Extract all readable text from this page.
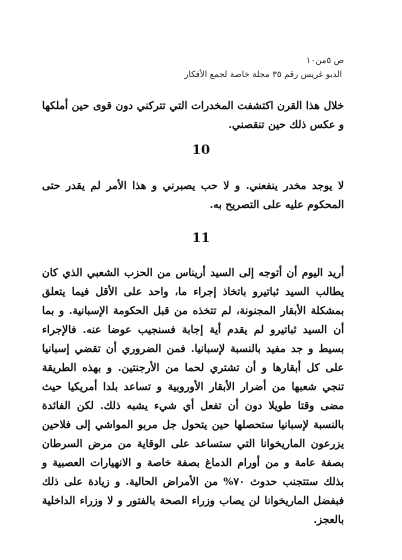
ص ٥من١٠
الدبو غريس رقم ٣٥ مجلة خاصة لجمع الأفكار

خلال هذا القرن اكتشفت المخدرات التي تتركني دون قوى حين أملكها و عكس ذلك حين تنقصني.

10

لا يوجد مخدر ينفعني. و لا حب يصبرني و هذا الأمر لم يقدر حتى المحكوم عليه على التصريح به.

11

أريد اليوم أن أتوجه إلى السيد أريناس من الحزب الشعبي الذي كان يطالب السيد ثباتيرو باتخاذ إجراء ما، واحد على الأقل فيما يتعلق بمشكلة الأبقار المجنونة، لم تتخذه من قبل الحكومة الإسبانية. و بما أن السيد ثباتيرو لم يقدم أية إجابة فسنجيب عوضا عنه. فالإجراء بسيط و جد مفيد بالنسبة لإسبانيا. فمن الضروري أن تقضي إسبانيا على كل أبقارها و أن تشتري لحما من الأرجنتين. و بهذه الطريقة تنجي شعبها من أضرار الأبقار الأوروبية و تساعد بلدا أمريكيا حيث مضى وقتا طويلا دون أن تفعل أي شيء يشبه ذلك. لكن الفائدة بالنسبة لإسبانيا ستحصلها حين يتحول جل مربو المواشي إلى فلاحين يزرعون الماريخوانا التي ستساعد على الوقاية من مرض السرطان بصفة عامة و من أورام الدماغ بصفة خاصة و الانهيارات العصبية و بذلك ستتجنب حدوث ٧٠% من الأمراض الحالية. و زيادة على ذلك فبفضل الماريخوانا لن يصاب وزراء الصحة بالفتور و لا وزراء الداخلية بالعجز.
